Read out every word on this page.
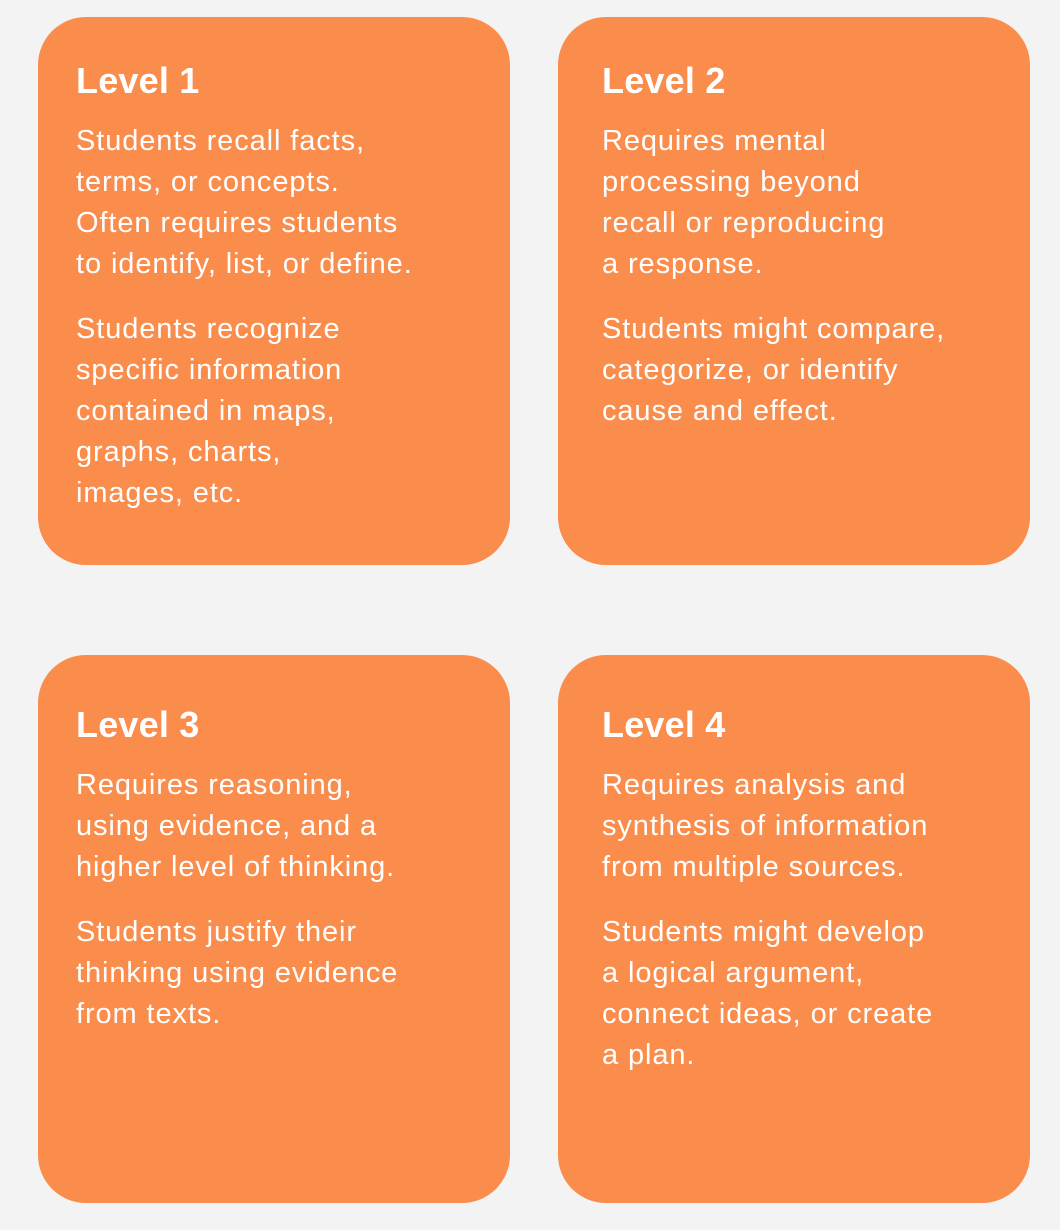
Level 1

Students recall facts,
terms, or concepts.
Often requires students
to identify, list, or define.

Students recognize
specific information
contained in maps,
graphs, charts,
images, etc.

Level 2

Requires mental
processing beyond
recall or reproducing
a response.

Students might compare,
categorize, or identify
cause and effect.

Level 3

Requires reasoning,
using evidence, and a
higher level of thinking.

Students justify their
thinking using evidence
from texts.

Level 4

Requires analysis and
synthesis of information
from multiple sources.

Students might develop
a logical argument,
connect ideas, or create
a plan.
